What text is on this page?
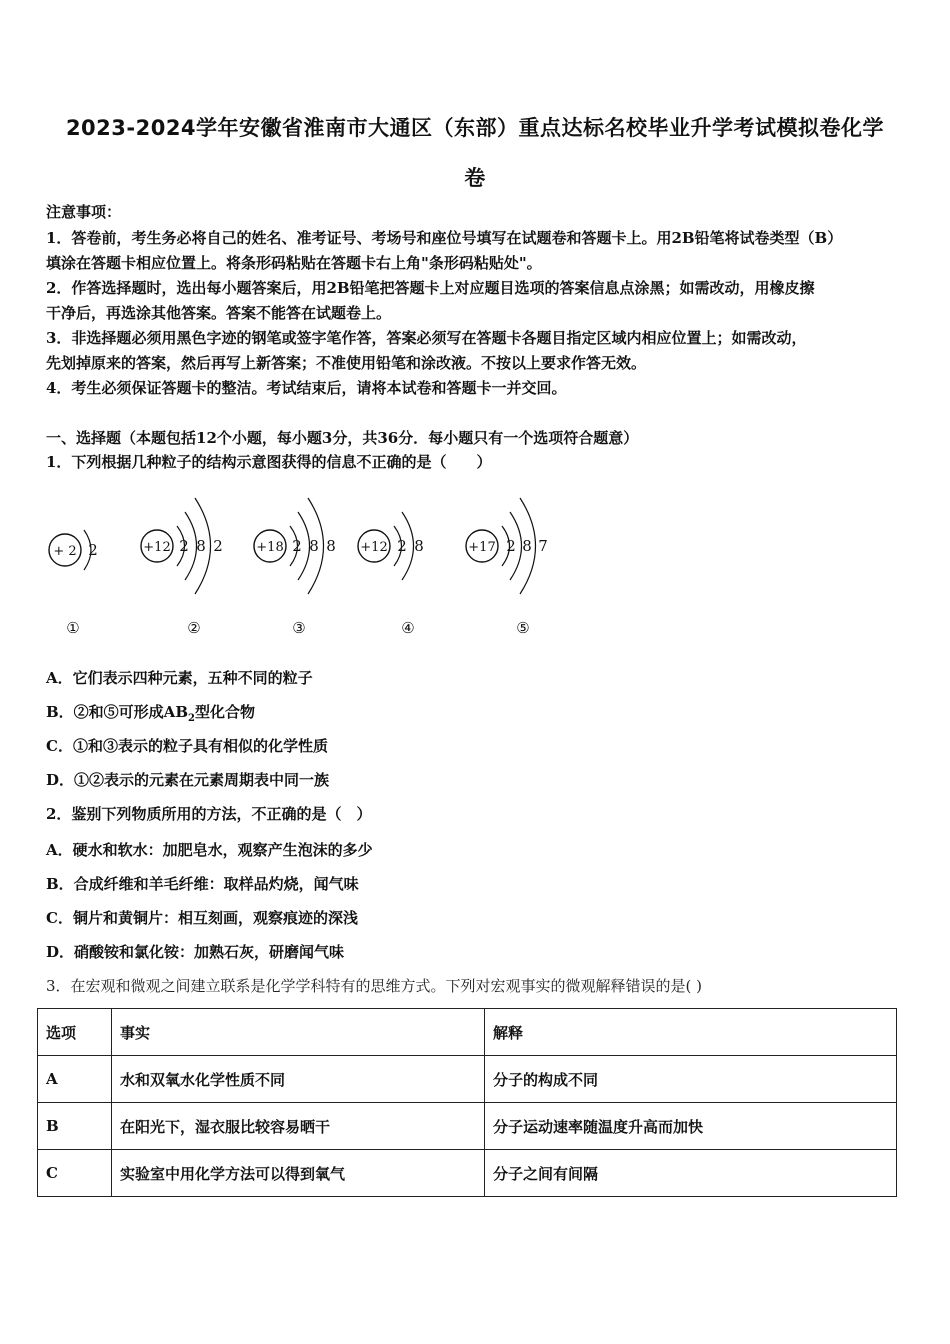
2023-2024学年安徽省淮南市大通区（东部）重点达标名校毕业升学考试模拟卷化学
卷
注意事项：
1．答卷前，考生务必将自己的姓名、准考证号、考场号和座位号填写在试题卷和答题卡上。用2B铅笔将试卷类型（B）
填涂在答题卡相应位置上。将条形码粘贴在答题卡右上角"条形码粘贴处"。
2．作答选择题时，选出每小题答案后，用2B铅笔把答题卡上对应题目选项的答案信息点涂黑；如需改动，用橡皮擦
干净后，再选涂其他答案。答案不能答在试题卷上。
3．非选择题必须用黑色字迹的钢笔或签字笔作答，答案必须写在答题卡各题目指定区域内相应位置上；如需改动，
先划掉原来的答案，然后再写上新答案；不准使用铅笔和涂改液。不按以上要求作答无效。
4．考生必须保证答题卡的整洁。考试结束后，请将本试卷和答题卡一并交回。
一、选择题（本题包括12个小题，每小题3分，共36分．每小题只有一个选项符合题意）
1．下列根据几种粒子的结构示意图获得的信息不正确的是（　　）
+ 2 2
①
+12 2 8 2
②
+18 2 8 8
③
+12 2 8
④
+17 2 8 7
⑤
A．它们表示四种元素，五种不同的粒子
B．②和⑤可形成$AB_2$型化合物
C．①和③表示的粒子具有相似的化学性质
D．①②表示的元素在元素周期表中同一族
2．鉴别下列物质所用的方法，不正确的是（　）
A．硬水和软水：加肥皂水，观察产生泡沫的多少
B．合成纤维和羊毛纤维：取样品灼烧，闻气味
C．铜片和黄铜片：相互刻画，观察痕迹的深浅
D．硝酸铵和氯化铵：加熟石灰，研磨闻气味
3．在宏观和微观之间建立联系是化学学科特有的思维方式。下列对宏观事实的微观解释错误的是( )
选项	事实	解释
A	水和双氧水化学性质不同	分子的构成不同
B	在阳光下，湿衣服比较容易晒干	分子运动速率随温度升高而加快
C	实验室中用化学方法可以得到氧气	分子之间有间隔
